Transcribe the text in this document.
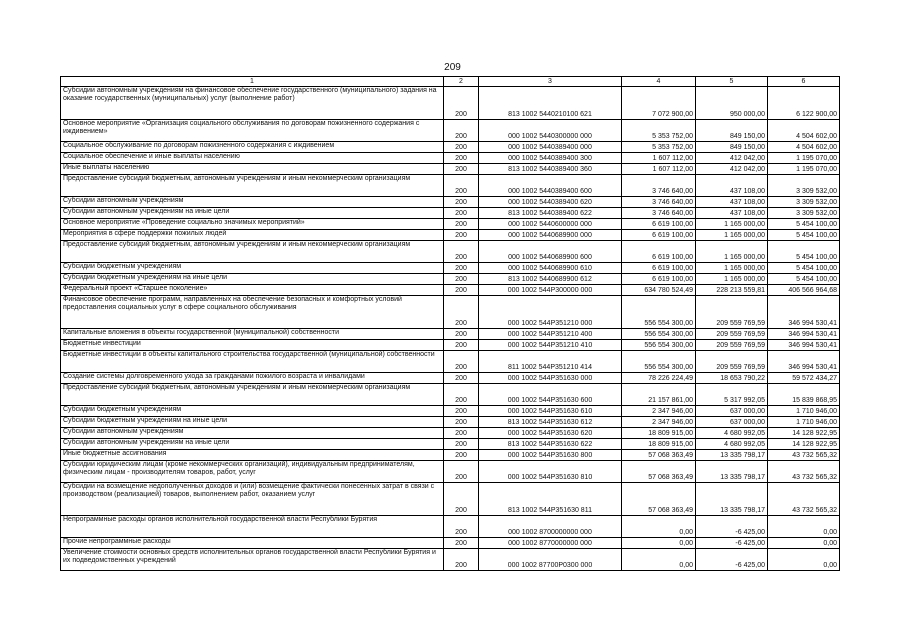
209
1	2	3	4	5	6
Субсидии автономным учреждениям на финансовое обеспечение государственного (муниципального) задания на оказание государственных (муниципальных) услуг (выполнение работ)	200	813 1002 5440210100 621	7 072 900,00	950 000,00	6 122 900,00
Основное мероприятие «Организация социального обслуживания по договорам пожизненного содержания с иждивением»	200	000 1002 5440300000 000	5 353 752,00	849 150,00	4 504 602,00
Социальное обслуживание по договорам пожизненного содержания с иждивением	200	000 1002 5440389400 000	5 353 752,00	849 150,00	4 504 602,00
Социальное обеспечение и иные выплаты населению	200	000 1002 5440389400 300	1 607 112,00	412 042,00	1 195 070,00
Иные выплаты населению	200	813 1002 5440389400 360	1 607 112,00	412 042,00	1 195 070,00
Предоставление субсидий бюджетным, автономным учреждениям и иным некоммерческим организациям	200	000 1002 5440389400 600	3 746 640,00	437 108,00	3 309 532,00
Субсидии автономным учреждениям	200	000 1002 5440389400 620	3 746 640,00	437 108,00	3 309 532,00
Субсидии автономным учреждениям на иные цели	200	813 1002 5440389400 622	3 746 640,00	437 108,00	3 309 532,00
Основное мероприятие «Проведение социально значимых мероприятий»	200	000 1002 5440600000 000	6 619 100,00	1 165 000,00	5 454 100,00
Мероприятия в сфере поддержки пожилых людей	200	000 1002 5440689900 000	6 619 100,00	1 165 000,00	5 454 100,00
Предоставление субсидий бюджетным, автономным учреждениям и иным некоммерческим организациям	200	000 1002 5440689900 600	6 619 100,00	1 165 000,00	5 454 100,00
Субсидии бюджетным учреждениям	200	000 1002 5440689900 610	6 619 100,00	1 165 000,00	5 454 100,00
Субсидии бюджетным учреждениям на иные цели	200	813 1002 5440689900 612	6 619 100,00	1 165 000,00	5 454 100,00
Федеральный проект «Старшее поколение»	200	000 1002 544P300000 000	634 780 524,49	228 213 559,81	406 566 964,68
Финансовое обеспечение программ, направленных на обеспечение безопасных и комфортных условий предоставления социальных услуг в сфере социального обслуживания	200	000 1002 544P351210 000	556 554 300,00	209 559 769,59	346 994 530,41
Капитальные вложения в объекты государственной (муниципальной) собственности	200	000 1002 544P351210 400	556 554 300,00	209 559 769,59	346 994 530,41
Бюджетные инвестиции	200	000 1002 544P351210 410	556 554 300,00	209 559 769,59	346 994 530,41
Бюджетные инвестиции в объекты капитального строительства государственной (муниципальной) собственности	200	811 1002 544P351210 414	556 554 300,00	209 559 769,59	346 994 530,41
Создание системы долговременного ухода за гражданами пожилого возраста и инвалидами	200	000 1002 544P351630 000	78 226 224,49	18 653 790,22	59 572 434,27
Предоставление субсидий бюджетным, автономным учреждениям и иным некоммерческим организациям	200	000 1002 544P351630 600	21 157 861,00	5 317 992,05	15 839 868,95
Субсидии бюджетным учреждениям	200	000 1002 544P351630 610	2 347 946,00	637 000,00	1 710 946,00
Субсидии бюджетным учреждениям на иные цели	200	813 1002 544P351630 612	2 347 946,00	637 000,00	1 710 946,00
Субсидии автономным учреждениям	200	000 1002 544P351630 620	18 809 915,00	4 680 992,05	14 128 922,95
Субсидии автономным учреждениям на иные цели	200	813 1002 544P351630 622	18 809 915,00	4 680 992,05	14 128 922,95
Иные бюджетные ассигнования	200	000 1002 544P351630 800	57 068 363,49	13 335 798,17	43 732 565,32
Субсидии юридическим лицам (кроме некоммерческих организаций), индивидуальным предпринимателям, физическим лицам - производителям товаров, работ, услуг	200	000 1002 544P351630 810	57 068 363,49	13 335 798,17	43 732 565,32
Субсидии на возмещение недополученных доходов и (или) возмещение фактически понесенных затрат в связи с производством (реализацией) товаров, выполнением работ, оказанием услуг	200	813 1002 544P351630 811	57 068 363,49	13 335 798,17	43 732 565,32
Непрограммные расходы органов исполнительной государственной власти Республики Бурятия	200	000 1002 8700000000 000	0,00	-6 425,00	0,00
Прочие непрограммные расходы	200	000 1002 8770000000 000	0,00	-6 425,00	0,00
Увеличение стоимости основных средств исполнительных органов государственной власти Республики Бурятия и их подведомственных учреждений	200	000 1002 87700P0300 000	0,00	-6 425,00	0,00
